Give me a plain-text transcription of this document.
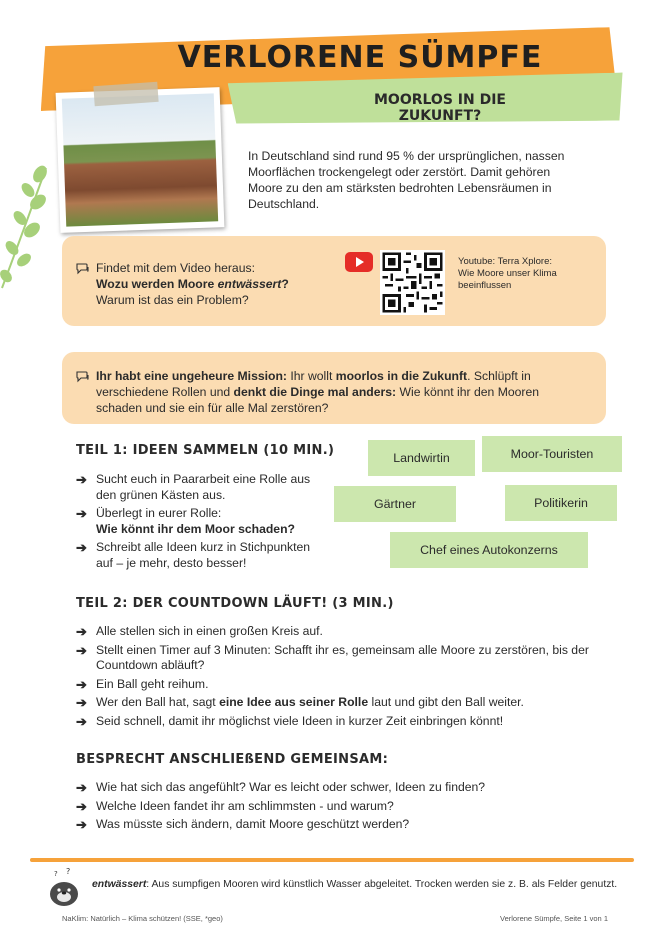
VERLORENE SÜMPFE
MOORLOS IN DIE ZUKUNFT?
In Deutschland sind rund 95 % der ursprünglichen, nassen Moorflächen trockengelegt oder zerstört. Damit gehören Moore zu den am stärksten bedrohten Lebensräumen in Deutschland.
Findet mit dem Video heraus:
Wozu werden Moore entwässert?
Warum ist das ein Problem?
Youtube: Terra Xplore:
Wie Moore unser Klima beeinflussen
Ihr habt eine ungeheure Mission: Ihr wollt moorlos in die Zukunft. Schlüpft in verschiedene Rollen und denkt die Dinge mal anders: Wie könnt ihr den Mooren schaden und sie ein für alle Mal zerstören?
TEIL 1: IDEEN SAMMELN (10 MIN.)
➔ Sucht euch in Paararbeit eine Rolle aus den grünen Kästen aus.
➔ Überlegt in eurer Rolle:
Wie könnt ihr dem Moor schaden?
➔ Schreibt alle Ideen kurz in Stichpunkten auf – je mehr, desto besser!
Landwirtin	Moor-Touristen
Gärtner	Politikerin
Chef eines Autokonzerns
TEIL 2: DER COUNTDOWN LÄUFT! (3 MIN.)
➔ Alle stellen sich in einen großen Kreis auf.
➔ Stellt einen Timer auf 3 Minuten: Schafft ihr es, gemeinsam alle Moore zu zerstören, bis der Countdown abläuft?
➔ Ein Ball geht reihum.
➔ Wer den Ball hat, sagt eine Idee aus seiner Rolle laut und gibt den Ball weiter.
➔ Seid schnell, damit ihr möglichst viele Ideen in kurzer Zeit einbringen könnt!
BESPRECHT ANSCHLIEßEND GEMEINSAM:
➔ Wie hat sich das angefühlt? War es leicht oder schwer, Ideen zu finden?
➔ Welche Ideen fandet ihr am schlimmsten - und warum?
➔ Was müsste sich ändern, damit Moore geschützt werden?
? ?
entwässert: Aus sumpfigen Mooren wird künstlich Wasser abgeleitet. Trocken werden sie z. B. als Felder genutzt.
NaKlim: Natürlich – Klima schützen! (SSE, *geo)	Verlorene Sümpfe, Seite 1 von 1
